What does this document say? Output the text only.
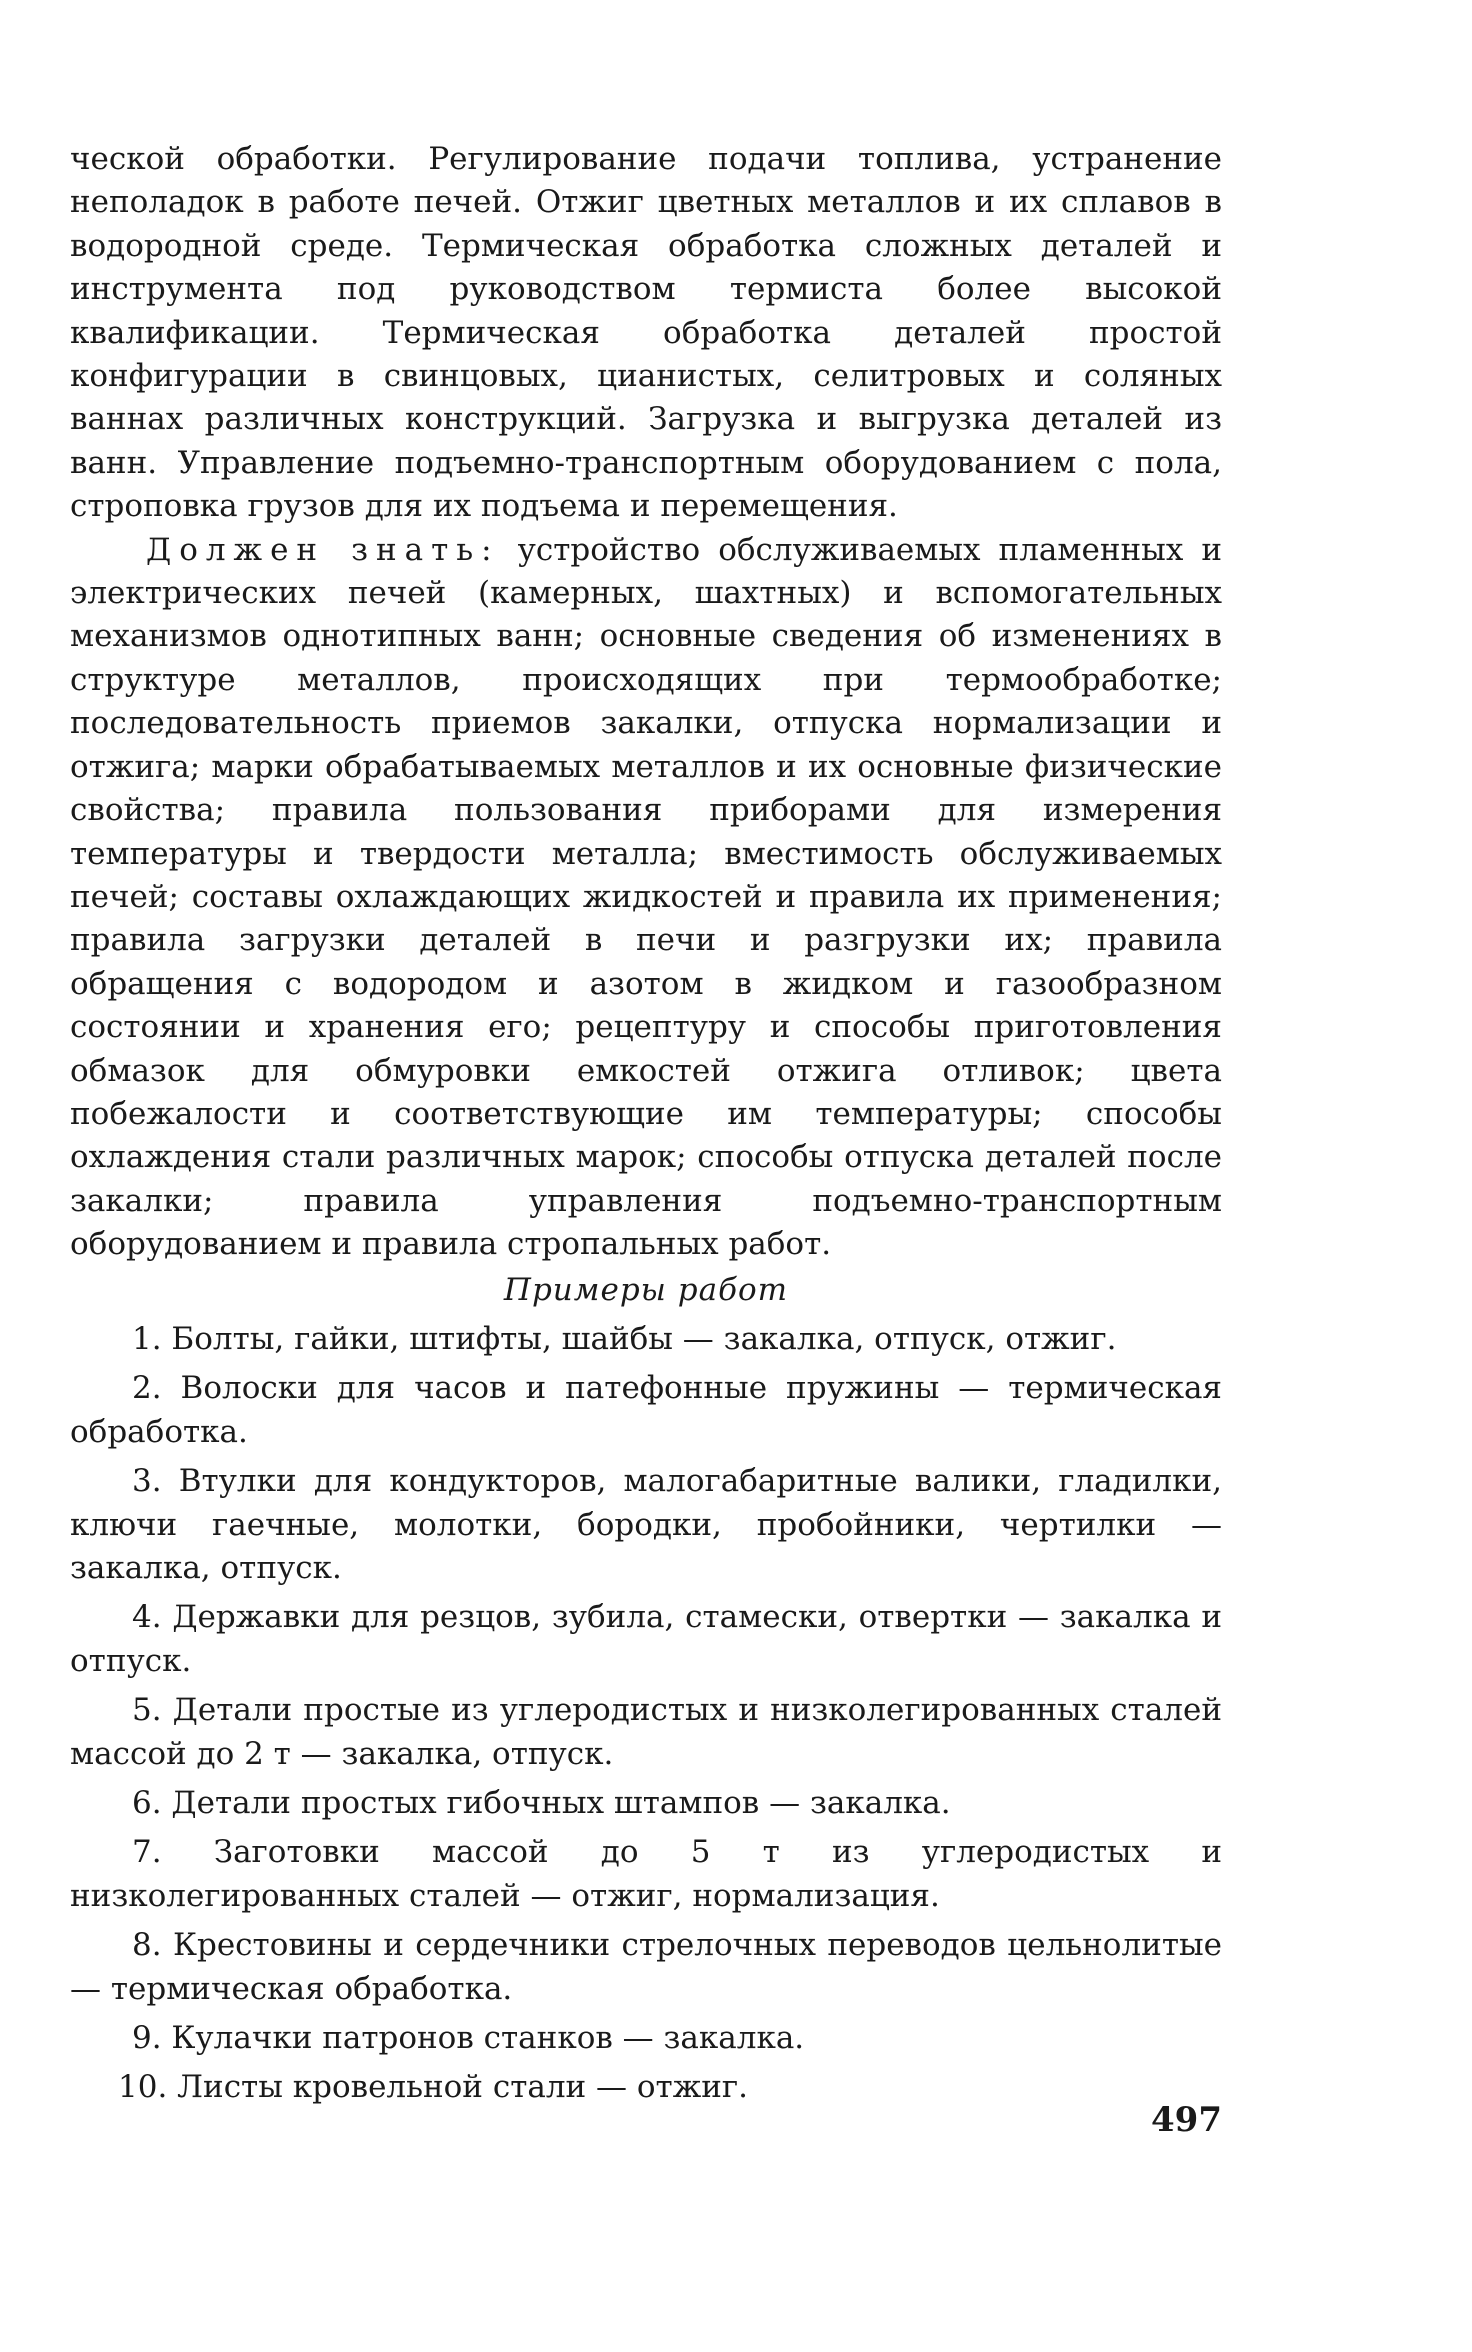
ческой обработки. Регулирование подачи топлива, устранение неполадок в работе печей. Отжиг цветных металлов и их сплавов в водородной среде. Термическая обработка сложных деталей и инструмента под руководством термиста более высокой квалификации. Термическая обработка деталей простой конфигурации в свинцовых, цианистых, селитровых и соляных ваннах различных конструкций. Загрузка и выгрузка деталей из ванн. Управление подъемно-транспортным оборудованием с пола, строповка грузов для их подъема и перемещения.

Должен знать: устройство обслуживаемых пламенных и электрических печей (камерных, шахтных) и вспомогательных механизмов однотипных ванн; основные сведения об изменениях в структуре металлов, происходящих при термообработке; последовательность приемов закалки, отпуска нормализации и отжига; марки обрабатываемых металлов и их основные физические свойства; правила пользования приборами для измерения температуры и твердости металла; вместимость обслуживаемых печей; составы охлаждающих жидкостей и правила их применения; правила загрузки деталей в печи и разгрузки их; правила обращения с водородом и азотом в жидком и газообразном состоянии и хранения его; рецептуру и способы приготовления обмазок для обмуровки емкостей отжига отливок; цвета побежалости и соответствующие им температуры; способы охлаждения стали различных марок; способы отпуска деталей после закалки; правила управления подъемно-транспортным оборудованием и правила стропальных работ.

Примеры работ

1. Болты, гайки, штифты, шайбы — закалка, отпуск, отжиг.

2. Волоски для часов и патефонные пружины — термическая обработка.

3. Втулки для кондукторов, малогабаритные валики, гладилки, ключи гаечные, молотки, бородки, пробойники, чертилки — закалка, отпуск.

4. Державки для резцов, зубила, стамески, отвертки — закалка и отпуск.

5. Детали простые из углеродистых и низколегированных сталей массой до 2 т — закалка, отпуск.

6. Детали простых гибочных штампов — закалка.

7. Заготовки массой до 5 т из углеродистых и низколегированных сталей — отжиг, нормализация.

8. Крестовины и сердечники стрелочных переводов цельнолитые — термическая обработка.

9. Кулачки патронов станков — закалка.

10. Листы кровельной стали — отжиг.

497
